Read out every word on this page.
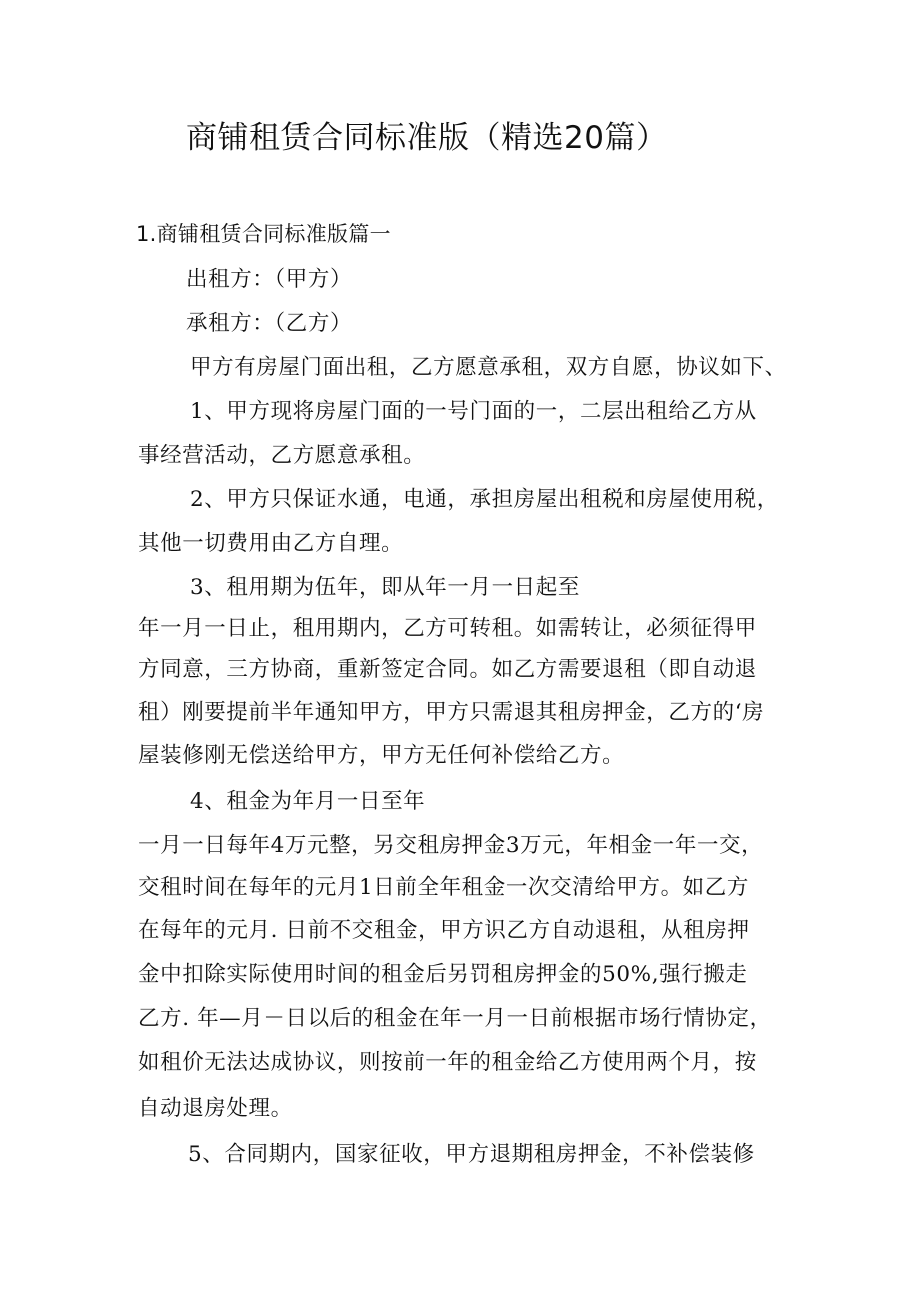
商铺租赁合同标准版（精选20篇）
1.商铺租赁合同标准版篇一
出租方：（甲方）
承租方：（乙方）
甲方有房屋门面出租，乙方愿意承租，双方自愿，协议如下、
1、甲方现将房屋门面的一号门面的一，二层出租给乙方从
事经营活动，乙方愿意承租。
2、甲方只保证水通，电通，承担房屋出租税和房屋使用税，
其他一切费用由乙方自理。
3、租用期为伍年，即从年一月一日起至
年一月一日止，租用期内，乙方可转租。如需转让，必须征得甲
方同意，三方协商，重新签定合同。如乙方需要退租（即自动退
租）刚要提前半年通知甲方，甲方只需退其租房押金，乙方的‘房
屋装修刚无偿送给甲方，甲方无任何补偿给乙方。
4、租金为年月一日至年
一月一日每年4万元整，另交租房押金3万元，年相金一年一交，
交租时间在每年的元月1日前全年租金一次交清给甲方。如乙方
在每年的元月. 日前不交租金，甲方识乙方自动退租，从租房押
金中扣除实际使用时间的租金后另罚租房押金的50%,强行搬走
乙方. 年—月－日以后的租金在年一月一日前根据市场行情协定，
如租价无法达成协议，则按前一年的租金给乙方使用两个月，按
自动退房处理。
5、合同期内，国家征收，甲方退期租房押金，不补偿装修
